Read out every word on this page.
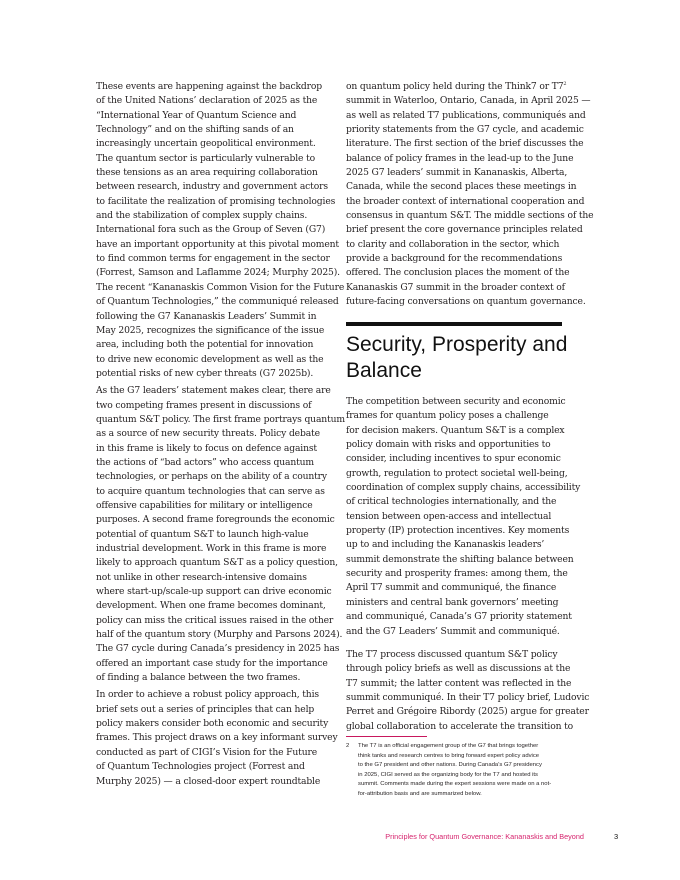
These events are happening against the backdrop
of the United Nations’ declaration of 2025 as the
“International Year of Quantum Science and
Technology” and on the shifting sands of an
increasingly uncertain geopolitical environment.
The quantum sector is particularly vulnerable to
these tensions as an area requiring collaboration
between research, industry and government actors
to facilitate the realization of promising technologies
and the stabilization of complex supply chains.
International fora such as the Group of Seven (G7)
have an important opportunity at this pivotal moment
to find common terms for engagement in the sector
(Forrest, Samson and Laflamme 2024; Murphy 2025).
The recent “Kananaskis Common Vision for the Future
of Quantum Technologies,” the communiqué released
following the G7 Kananaskis Leaders’ Summit in
May 2025, recognizes the significance of the issue
area, including both the potential for innovation
to drive new economic development as well as the
potential risks of new cyber threats (G7 2025b).
As the G7 leaders’ statement makes clear, there are
two competing frames present in discussions of
quantum S&T policy. The first frame portrays quantum
as a source of new security threats. Policy debate
in this frame is likely to focus on defence against
the actions of “bad actors” who access quantum
technologies, or perhaps on the ability of a country
to acquire quantum technologies that can serve as
offensive capabilities for military or intelligence
purposes. A second frame foregrounds the economic
potential of quantum S&T to launch high-value
industrial development. Work in this frame is more
likely to approach quantum S&T as a policy question,
not unlike in other research-intensive domains
where start-up/scale-up support can drive economic
development. When one frame becomes dominant,
policy can miss the critical issues raised in the other
half of the quantum story (Murphy and Parsons 2024).
The G7 cycle during Canada’s presidency in 2025 has
offered an important case study for the importance
of finding a balance between the two frames.
In order to achieve a robust policy approach, this
brief sets out a series of principles that can help
policy makers consider both economic and security
frames. This project draws on a key informant survey
conducted as part of CIGI’s Vision for the Future
of Quantum Technologies project (Forrest and
Murphy 2025) — a closed-door expert roundtable
on quantum policy held during the Think7 or $T7^2$
summit in Waterloo, Ontario, Canada, in April 2025 —
as well as related T7 publications, communiqués and
priority statements from the G7 cycle, and academic
literature. The first section of the brief discusses the
balance of policy frames in the lead-up to the June
2025 G7 leaders’ summit in Kananaskis, Alberta,
Canada, while the second places these meetings in
the broader context of international cooperation and
consensus in quantum S&T. The middle sections of the
brief present the core governance principles related
to clarity and collaboration in the sector, which
provide a background for the recommendations
offered. The conclusion places the moment of the
Kananaskis G7 summit in the broader context of
future-facing conversations on quantum governance.
Security, Prosperity and
Balance
The competition between security and economic
frames for quantum policy poses a challenge
for decision makers. Quantum S&T is a complex
policy domain with risks and opportunities to
consider, including incentives to spur economic
growth, regulation to protect societal well-being,
coordination of complex supply chains, accessibility
of critical technologies internationally, and the
tension between open-access and intellectual
property (IP) protection incentives. Key moments
up to and including the Kananaskis leaders’
summit demonstrate the shifting balance between
security and prosperity frames: among them, the
April T7 summit and communiqué, the finance
ministers and central bank governors’ meeting
and communiqué, Canada’s G7 priority statement
and the G7 Leaders’ Summit and communiqué.
The T7 process discussed quantum S&T policy
through policy briefs as well as discussions at the
T7 summit; the latter content was reflected in the
summit communiqué. In their T7 policy brief, Ludovic
Perret and Grégoire Ribordy (2025) argue for greater
global collaboration to accelerate the transition to
2 The T7 is an official engagement group of the G7 that brings together
think tanks and research centres to bring forward expert policy advice
to the G7 president and other nations. During Canada’s G7 presidency
in 2025, CIGI served as the organizing body for the T7 and hosted its
summit. Comments made during the expert sessions were made on a not-
for-attribution basis and are summarized below.
Principles for Quantum Governance: Kananaskis and Beyond	3
